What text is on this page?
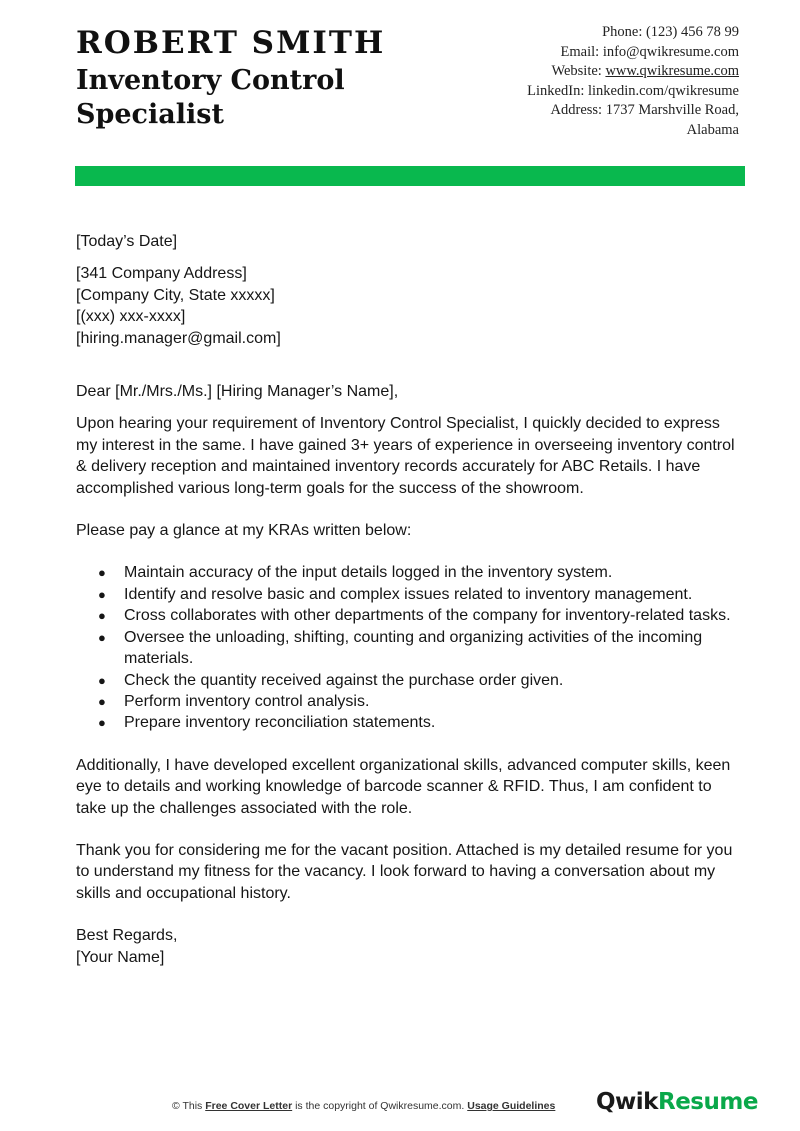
ROBERT SMITH
Inventory Control Specialist
Phone: (123) 456 78 99
Email: info@qwikresume.com
Website: www.qwikresume.com
LinkedIn: linkedin.com/qwikresume
Address: 1737 Marshville Road,
Alabama

[Today’s Date]

[341 Company Address]

[Company City, State xxxxx]

[(xxx) xxx-xxxx]

[hiring.manager@gmail.com]

Dear [Mr./Mrs./Ms.] [Hiring Manager’s Name],

Upon hearing your requirement of Inventory Control Specialist, I quickly decided to express my interest in the same. I have gained 3+ years of experience in overseeing inventory control & delivery reception and maintained inventory records accurately for ABC Retails. I have accomplished various long-term goals for the success of the showroom.

Please pay a glance at my KRAs written below:

● Maintain accuracy of the input details logged in the inventory system.
● Identify and resolve basic and complex issues related to inventory management.
● Cross collaborates with other departments of the company for inventory-related tasks.
● Oversee the unloading, shifting, counting and organizing activities of the incoming materials.
● Check the quantity received against the purchase order given.
● Perform inventory control analysis.
● Prepare inventory reconciliation statements.

Additionally, I have developed excellent organizational skills, advanced computer skills, keen eye to details and working knowledge of barcode scanner & RFID. Thus, I am confident to take up the challenges associated with the role.

Thank you for considering me for the vacant position. Attached is my detailed resume for you to understand my fitness for the vacancy. I look forward to having a conversation about my skills and occupational history.

Best Regards,

[Your Name]

© This Free Cover Letter is the copyright of Qwikresume.com. Usage Guidelines QwikResume
